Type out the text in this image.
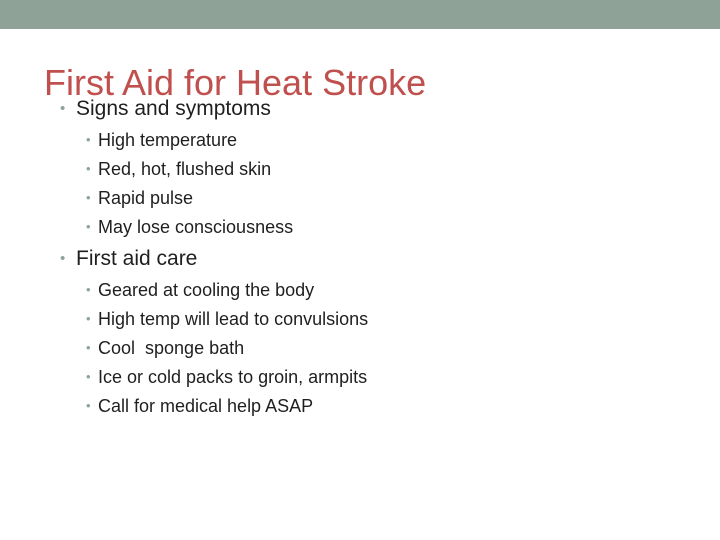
• Signs and symptoms
• High temperature
• Red, hot, flushed skin
• Rapid pulse
• May lose consciousness
• First aid care
• Geared at cooling the body
• High temp will lead to convulsions
• Cool  sponge bath
• Ice or cold packs to groin, armpits
• Call for medical help ASAP
First Aid for Heat Stroke
